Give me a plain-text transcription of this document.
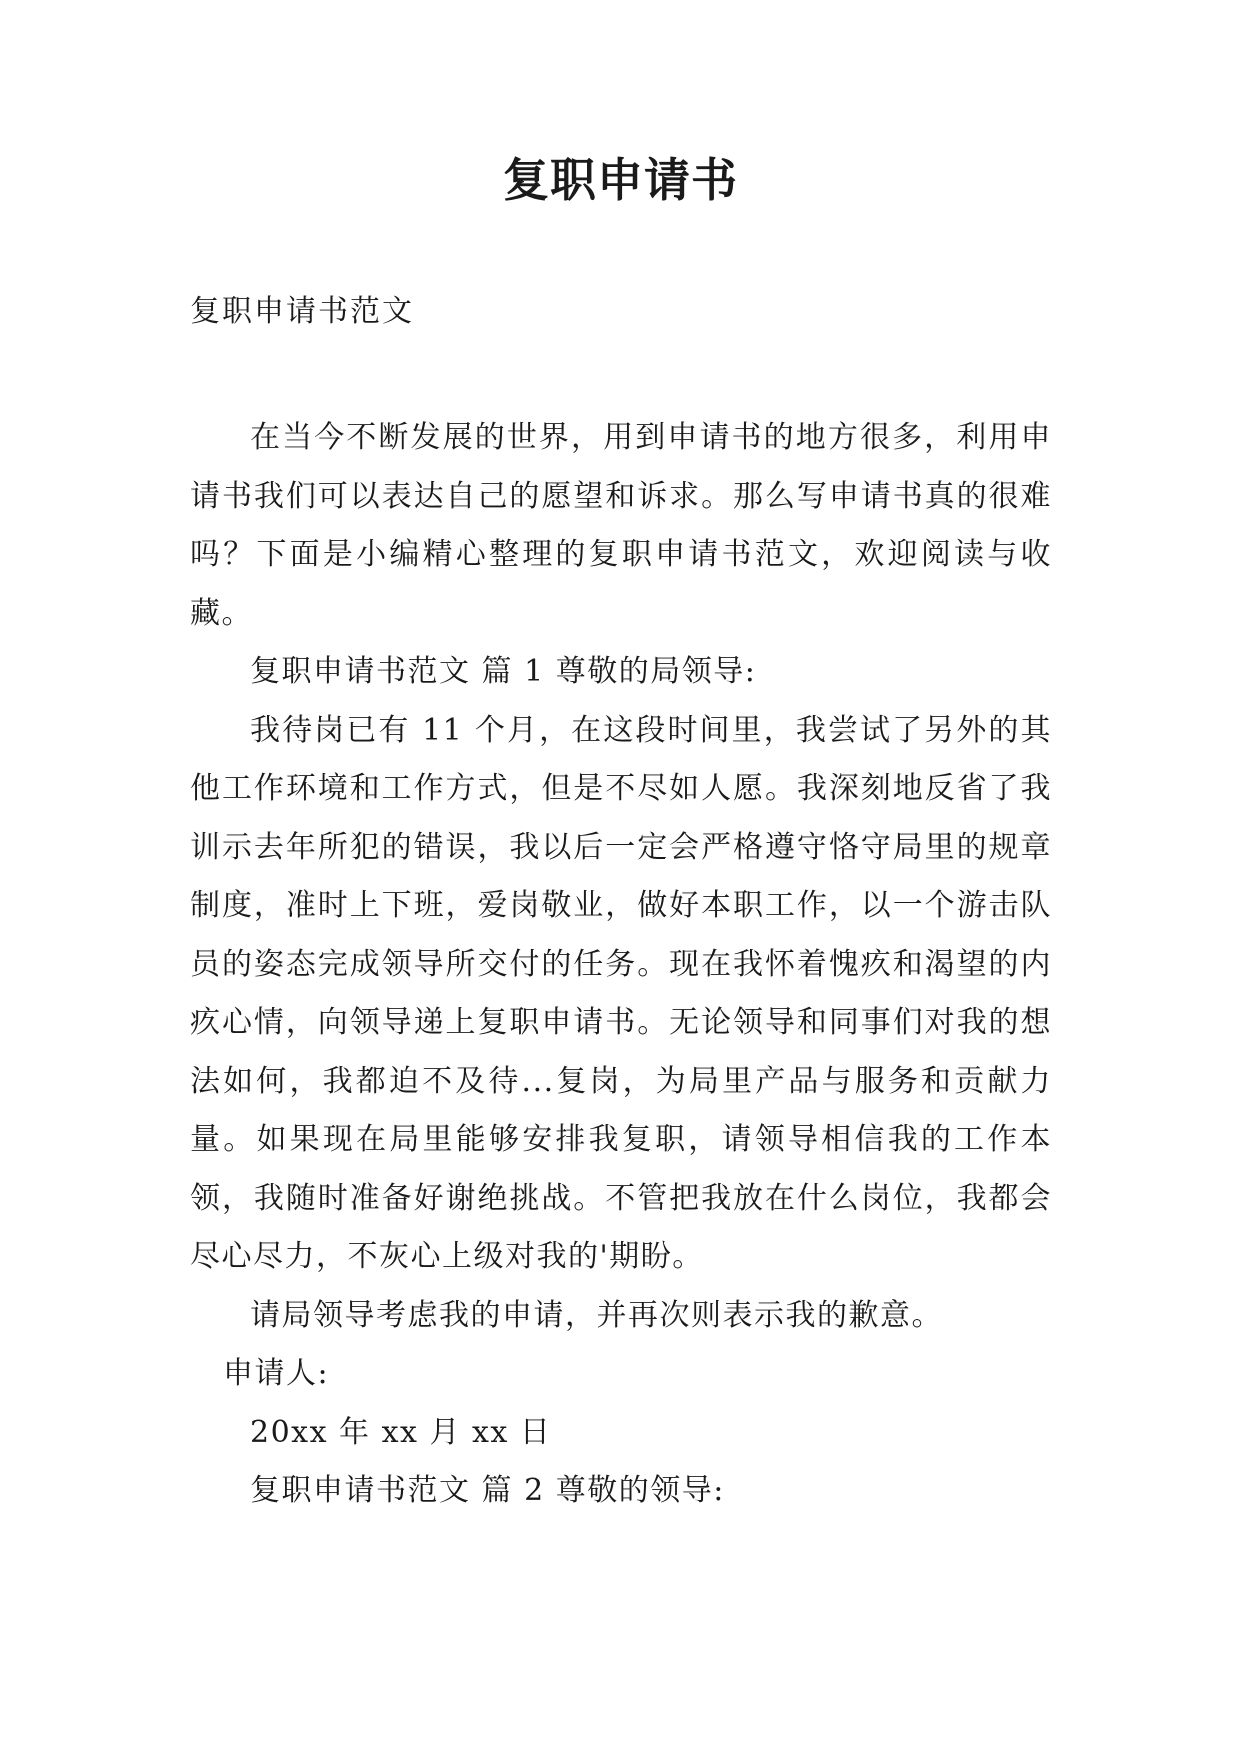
复职申请书
复职申请书范文

在当今不断发展的世界，用到申请书的地方很多，利用申请书我们可以表达自己的愿望和诉求。那么写申请书真的很难吗？下面是小编精心整理的复职申请书范文，欢迎阅读与收藏。

复职申请书范文 篇 1 尊敬的局领导:

我待岗已有 11 个月，在这段时间里，我尝试了另外的其他工作环境和工作方式，但是不尽如人愿。我深刻地反省了我训示去年所犯的错误，我以后一定会严格遵守恪守局里的规章制度，准时上下班，爱岗敬业，做好本职工作，以一个游击队员的姿态完成领导所交付的任务。现在我怀着愧疚和渴望的内疚心情，向领导递上复职申请书。无论领导和同事们对我的想法如何，我都迫不及待...复岗，为局里产品与服务和贡献力量。如果现在局里能够安排我复职，请领导相信我的工作本领，我随时准备好谢绝挑战。不管把我放在什么岗位，我都会尽心尽力，不灰心上级对我的'期盼。

请局领导考虑我的申请，并再次则表示我的歉意。

申请人:

20xx 年 xx 月 xx 日

复职申请书范文 篇 2 尊敬的领导:
